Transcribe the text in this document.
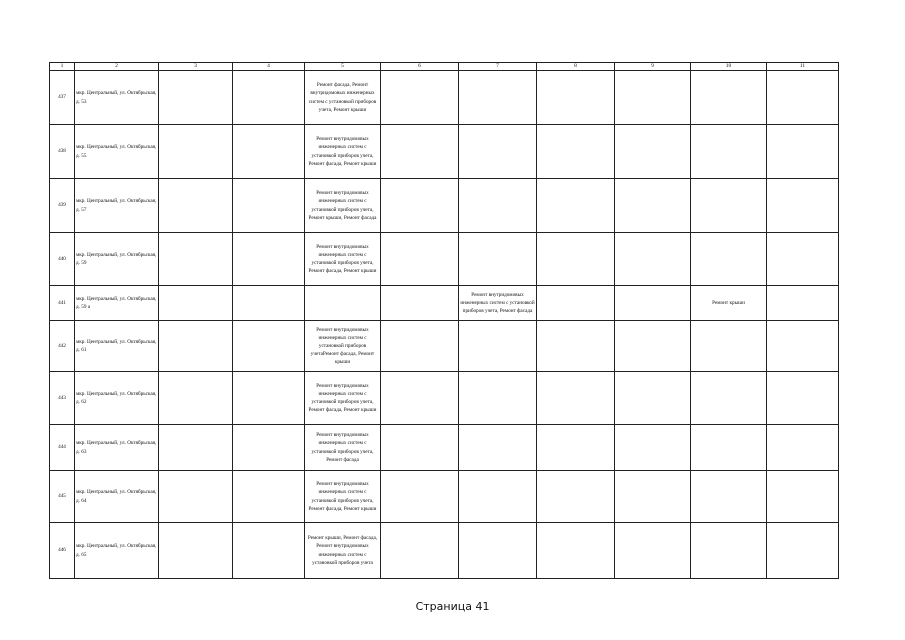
1	2	3	4	5	6	7	8	9	10	11
437	мкр. Центральный, ул. Октябрьская, д. 53			Ремонт фасада, Ремонт внутридомовых инженерных систем с установкой приборов учета, Ремонт крыши						
438	мкр. Центральный, ул. Октябрьская, д. 55			Ремонт внутридомовых инженерных систем с установкой приборов учета, Ремонт фасада, Ремонт крыши						
439	мкр. Центральный, ул. Октябрьская, д. 57			Ремонт внутридомовых инженерных систем с установкой приборов учета, Ремонт крыши, Ремонт фасада						
440	мкр. Центральный, ул. Октябрьская, д. 59			Ремонт внутридомовых инженерных систем с установкой приборов учета, Ремонт фасада, Ремонт крыши						
441	мкр. Центральный, ул. Октябрьская, д. 59 а					Ремонт внутридомовых инженерных систем с установкой приборов учета, Ремонт фасада			Ремонт крыши	
442	мкр. Центральный, ул. Октябрьская, д. 61			Ремонт внутридомовых инженерных систем с установкой приборов учетаРемонт фасада, Ремонт крыши						
443	мкр. Центральный, ул. Октябрьская, д. 62			Ремонт внутридомовых инженерных систем с установкой приборов учета, Ремонт фасада, Ремонт крыши						
444	мкр. Центральный, ул. Октябрьская, д. 63			Ремонт внутридомовых инженерных систем с установкой приборов учета, Ремонт фасада						
445	мкр. Центральный, ул. Октябрьская, д. 64			Ремонт внутридомовых инженерных систем с установкой приборов учета, Ремонт фасада, Ремонт крыши						
446	мкр. Центральный, ул. Октябрьская, д. 65			Ремонт крыши, Ремонт фасада, Ремонт внутридомовых инженерных систем с установкой приборов учета						
Страница 41
